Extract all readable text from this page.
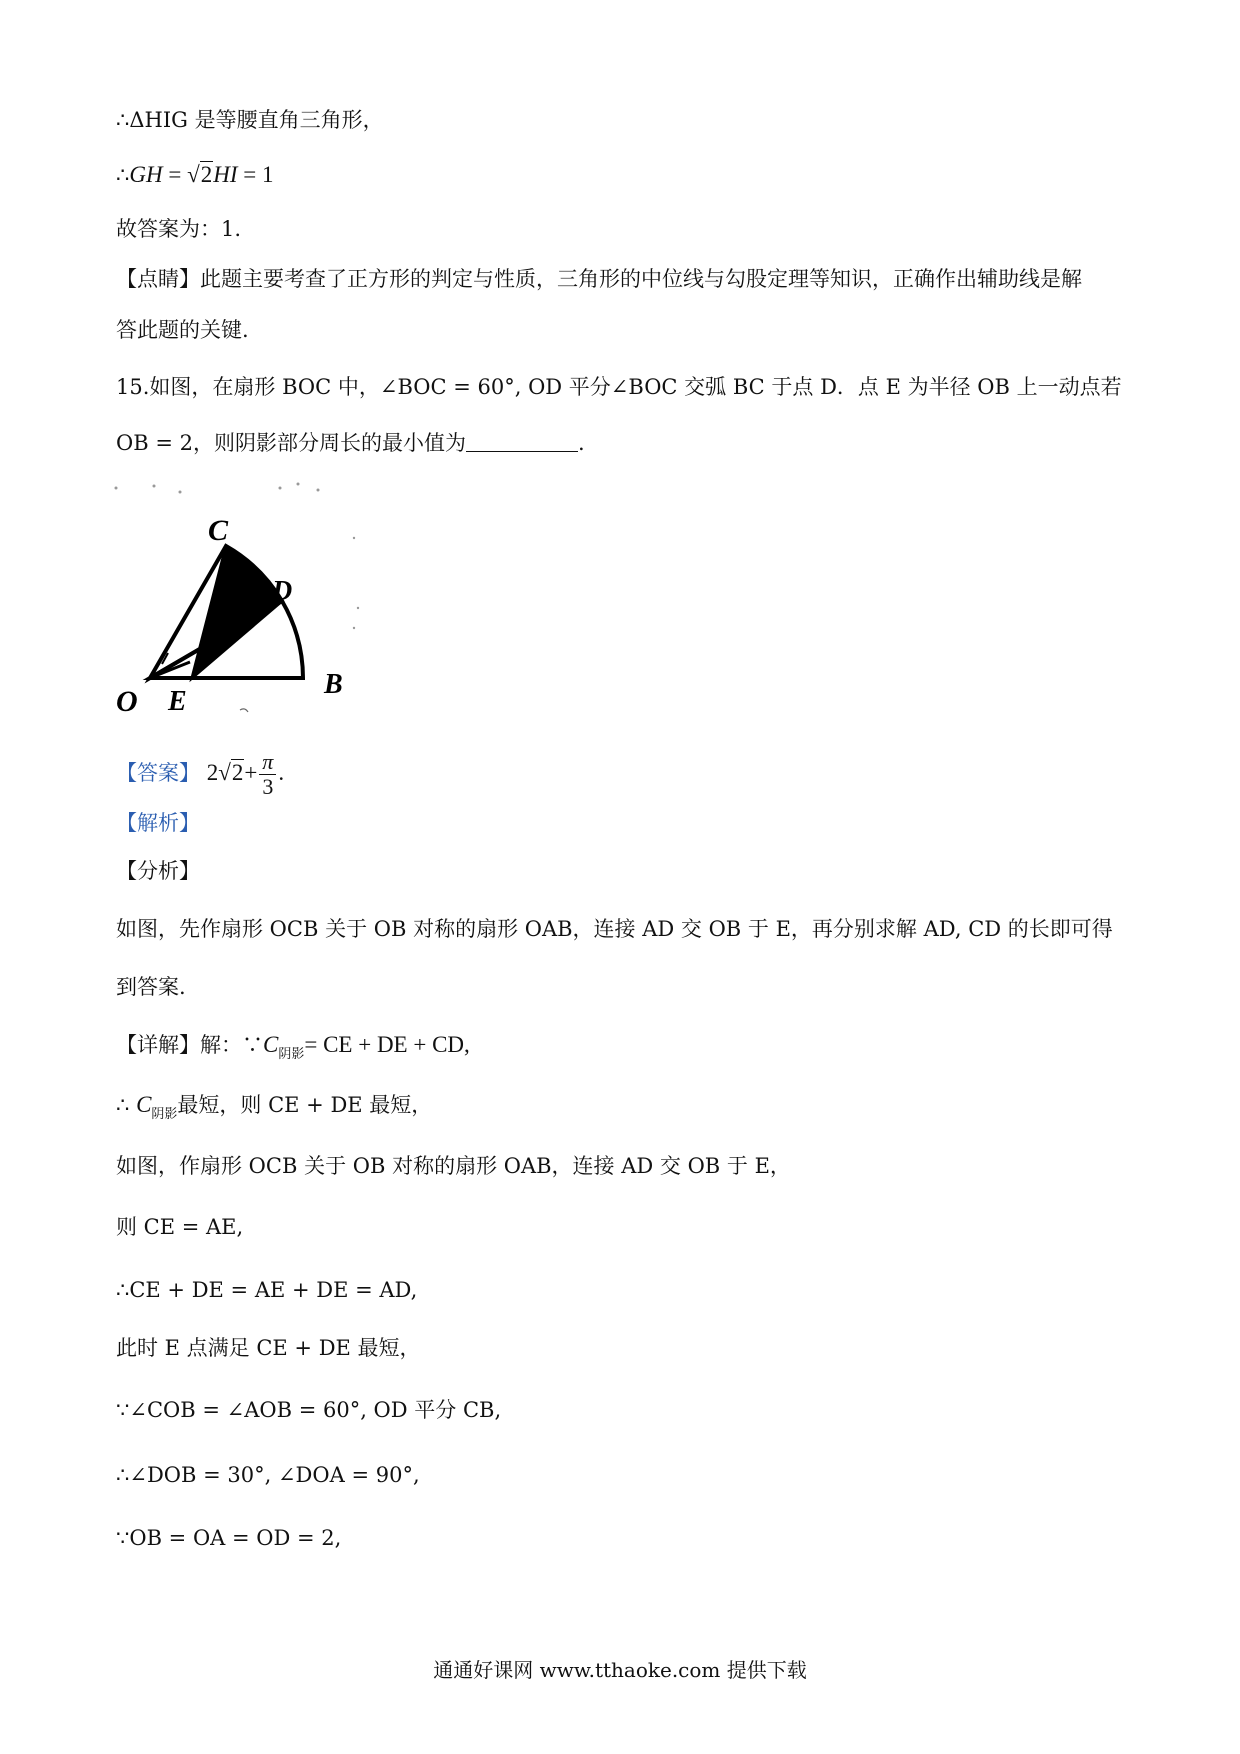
∴ΔHIG 是等腰直角三角形，
∴GH = √2HI = 1
故答案为：1.
【点睛】此题主要考查了正方形的判定与性质，三角形的中位线与勾股定理等知识，正确作出辅助线是解
答此题的关键.
15.如图，在扇形 BOC 中，∠BOC = 60°, OD 平分∠BOC 交弧 BC 于点 D．点 E 为半径 OB 上一动点若
OB = 2，则阴影部分周长的最小值为	.
C
D
O E
B
【答案】 $2√2+ \frac{\pi}{3}$ .
【解析】
【分析】
如图，先作扇形 OCB 关于 OB 对称的扇形 OAB，连接 AD 交 OB 于 E，再分别求解 AD, CD 的长即可得
到答案.
【详解】解：$\because C_{阴影}=$ CE + DE + CD,
∴ $C_{阴影}$最短，则 CE + DE 最短，
如图，作扇形 OCB 关于 OB 对称的扇形 OAB，连接 AD 交 OB 于 E，
则 CE = AE,
∴CE + DE = AE + DE = AD,
此时 E 点满足 CE + DE 最短，
∵∠COB = ∠AOB = 60°, OD 平分 CB,
∴∠DOB = 30°, ∠DOA = 90°,
∵OB = OA = OD = 2,
通通好课网 www.tthaoke.com 提供下载
